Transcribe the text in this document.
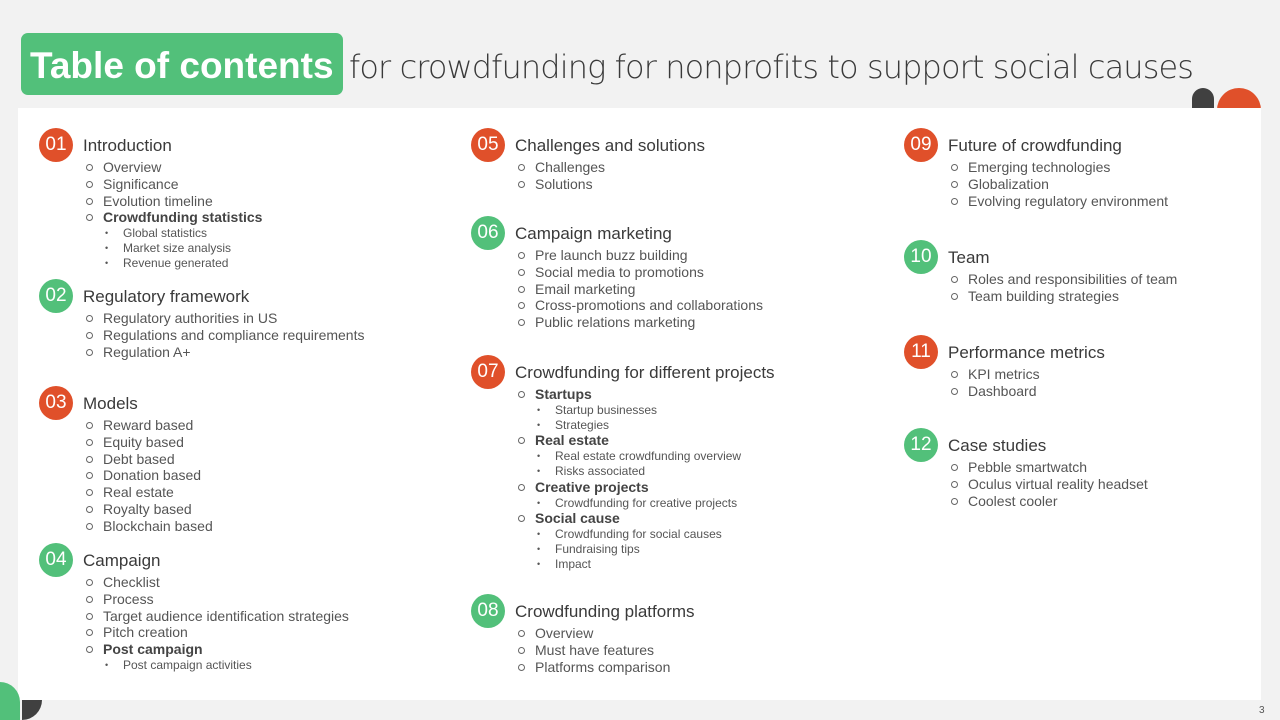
Table of contents for crowdfunding for nonprofits to support social causes
01 Introduction
Overview
Significance
Evolution timeline
Crowdfunding statistics
• Global statistics
• Market size analysis
• Revenue generated
02 Regulatory framework
Regulatory authorities in US
Regulations and compliance requirements
Regulation A+
03 Models
Reward based
Equity based
Debt based
Donation based
Real estate
Royalty based
Blockchain based
04 Campaign
Checklist
Process
Target audience identification strategies
Pitch creation
Post campaign
• Post campaign activities
05 Challenges and solutions
Challenges
Solutions
06 Campaign marketing
Pre launch buzz building
Social media to promotions
Email marketing
Cross-promotions and collaborations
Public relations marketing
07 Crowdfunding for different projects
Startups
• Startup businesses
• Strategies
Real estate
• Real estate crowdfunding overview
• Risks associated
Creative projects
• Crowdfunding for creative projects
Social cause
• Crowdfunding for social causes
• Fundraising tips
• Impact
08 Crowdfunding platforms
Overview
Must have features
Platforms comparison
09 Future of crowdfunding
Emerging technologies
Globalization
Evolving regulatory environment
10 Team
Roles and responsibilities of team
Team building strategies
11	Performance metrics
KPI metrics
Dashboard
12 Case studies
Pebble smartwatch
Oculus virtual reality headset
Coolest cooler
3
